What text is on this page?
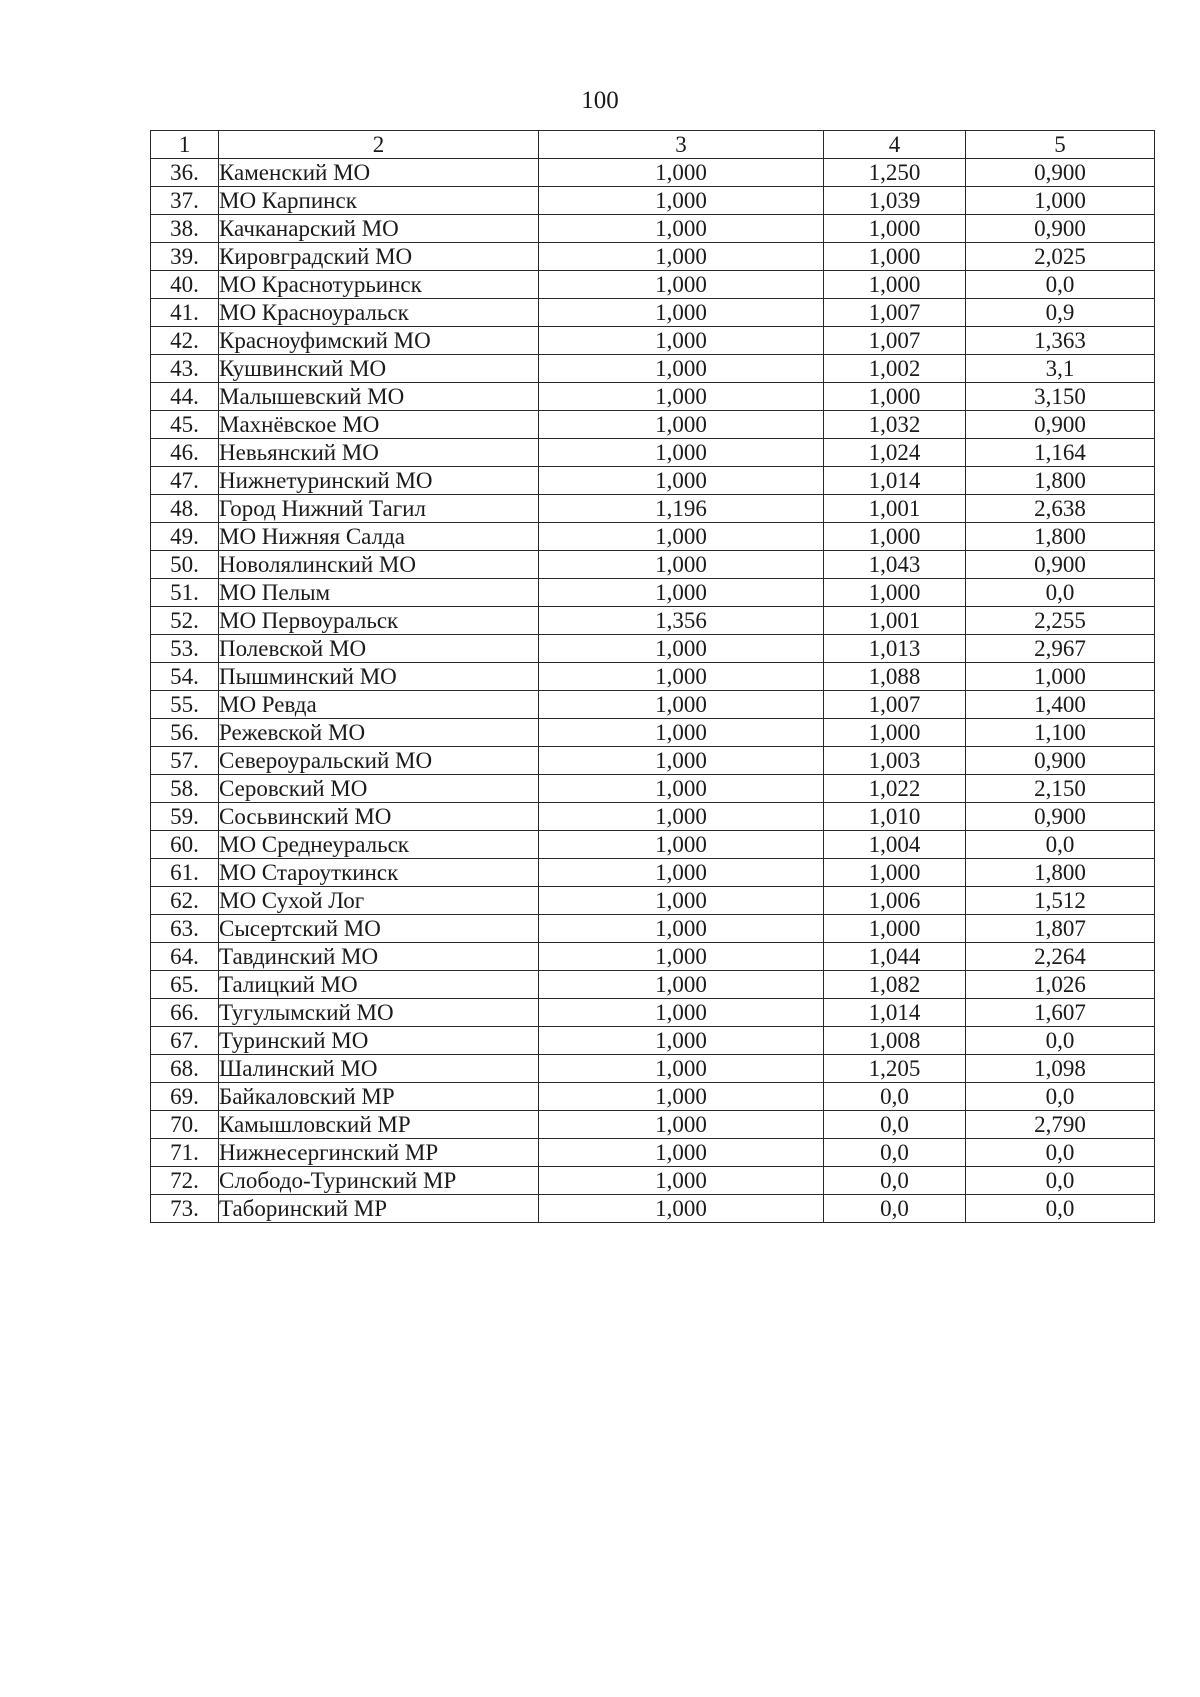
100
1	2	3	4	5
36.	Каменский МО	1,000	1,250	0,900
37.	МО Карпинск	1,000	1,039	1,000
38.	Качканарский МО	1,000	1,000	0,900
39.	Кировградский МО	1,000	1,000	2,025
40.	МО Краснотурьинск	1,000	1,000	0,0
41.	МО Красноуральск	1,000	1,007	0,9
42.	Красноуфимский МО	1,000	1,007	1,363
43.	Кушвинский МО	1,000	1,002	3,1
44.	Малышевский МО	1,000	1,000	3,150
45.	Махнёвское МО	1,000	1,032	0,900
46.	Невьянский МО	1,000	1,024	1,164
47.	Нижнетуринский МО	1,000	1,014	1,800
48.	Город Нижний Тагил	1,196	1,001	2,638
49.	МО Нижняя Салда	1,000	1,000	1,800
50.	Новолялинский МО	1,000	1,043	0,900
51.	МО Пелым	1,000	1,000	0,0
52.	МО Первоуральск	1,356	1,001	2,255
53.	Полевской МО	1,000	1,013	2,967
54.	Пышминский МО	1,000	1,088	1,000
55.	МО Ревда	1,000	1,007	1,400
56.	Режевской МО	1,000	1,000	1,100
57.	Североуральский МО	1,000	1,003	0,900
58.	Серовский МО	1,000	1,022	2,150
59.	Сосьвинский МО	1,000	1,010	0,900
60.	МО Среднеуральск	1,000	1,004	0,0
61.	МО Староуткинск	1,000	1,000	1,800
62.	МО Сухой Лог	1,000	1,006	1,512
63.	Сысертский МО	1,000	1,000	1,807
64.	Тавдинский МО	1,000	1,044	2,264
65.	Талицкий МО	1,000	1,082	1,026
66.	Тугулымский МО	1,000	1,014	1,607
67.	Туринский МО	1,000	1,008	0,0
68.	Шалинский МО	1,000	1,205	1,098
69.	Байкаловский МР	1,000	0,0	0,0
70.	Камышловский МР	1,000	0,0	2,790
71.	Нижнесергинский МР	1,000	0,0	0,0
72.	Слободо-Туринский МР	1,000	0,0	0,0
73.	Таборинский МР	1,000	0,0	0,0
